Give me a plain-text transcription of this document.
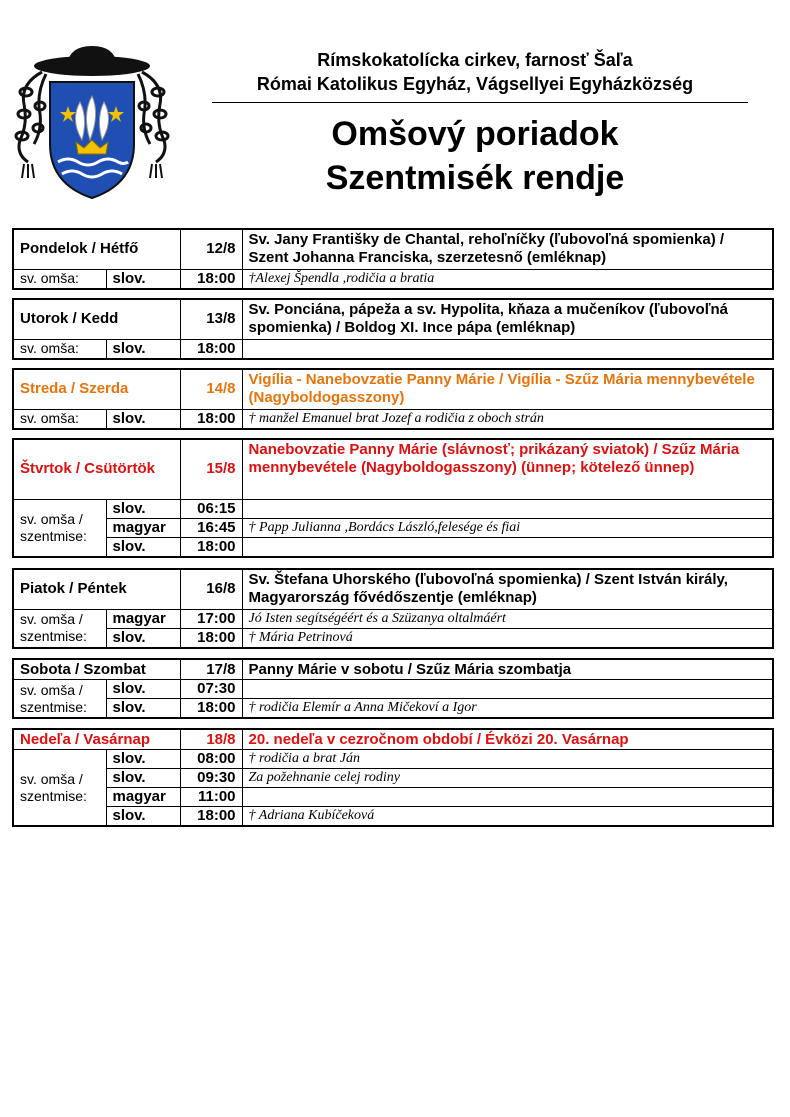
Rímskokatolícka cirkev, farnosť Šaľa
Római Katolikus Egyház, Vágsellyei Egyházközség
Omšový poriadok
Szentmisék rendje
Pondelok / Hétfő		12/8	Sv. Jany Františky de Chantal, rehoľníčky (ľubovoľná spomienka) / Szent Johanna Franciska, szerzetesnő (emléknap)
sv. omša:	slov.	18:00	†Alexej Špendla ,rodičia a bratia
Utorok / Kedd		13/8	Sv. Ponciána, pápeža a sv. Hypolita, kňaza a mučeníkov (ľubovoľná spomienka) / Boldog XI. Ince pápa (emléknap)
sv. omša:	slov.	18:00	
Streda / Szerda		14/8	Vigília - Nanebovzatie Panny Márie / Vigília - Szűz Mária mennybevétele (Nagyboldogasszony)
sv. omša:	slov.	18:00	† manžel Emanuel brat Jozef a rodičia z oboch strán
Štvrtok / Csütörtök		15/8	Nanebovzatie Panny Márie (slávnosť; prikázaný sviatok) / Szűz Mária mennybevétele (Nagyboldogasszony) (ünnep; kötelező ünnep)
sv. omša / szentmise:	slov.	06:15	
	magyar	16:45	† Papp Julianna ,Bordács László,felesége és fiai
	slov.	18:00	
Piatok / Péntek		16/8	Sv. Štefana Uhorského (ľubovoľná spomienka) / Szent István király, Magyarország fővédőszentje (emléknap)
sv. omša / szentmise:	magyar	17:00	Jó Isten segítségéért és a Szüzanya oltalmáért
	slov.	18:00	† Mária Petrinová
Sobota / Szombat		17/8	Panny Márie v sobotu / Szűz Mária szombatja
sv. omša / szentmise:	slov.	07:30	
	slov.	18:00	† rodičia Elemír a Anna Mičekoví a Igor
Nedeľa / Vasárnap		18/8	20. nedeľa v cezročnom období / Évközi 20. Vasárnap
sv. omša / szentmise:	slov.	08:00	† rodičia a brat Ján
	slov.	09:30	Za požehnanie celej rodiny
	magyar	11:00	
	slov.	18:00	† Adriana Kubíčeková
